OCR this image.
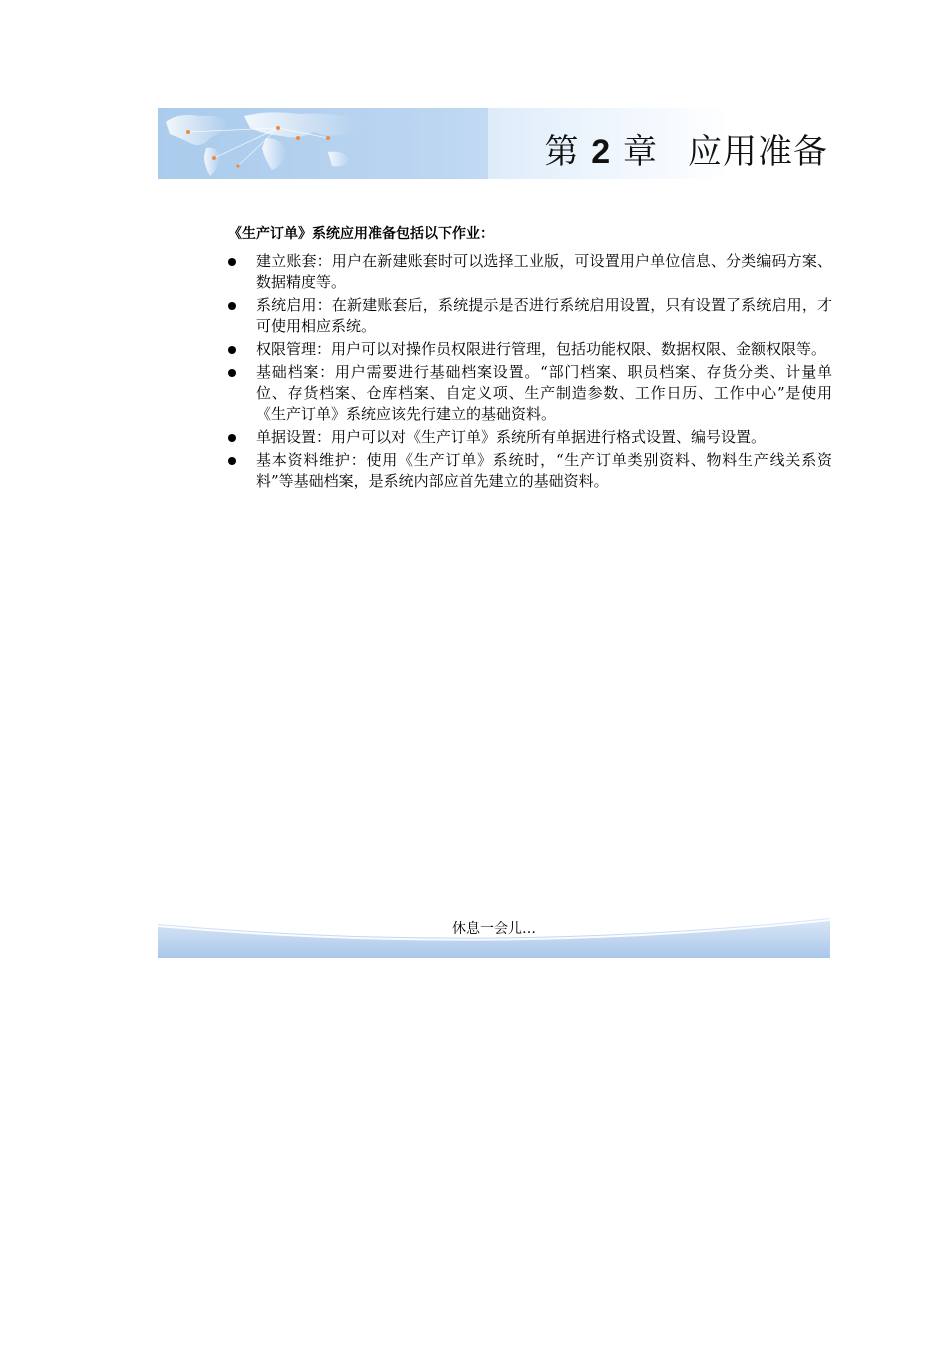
第 2 章 应用准备

《生产订单》系统应用准备包括以下作业：

建立账套：用户在新建账套时可以选择工业版，可设置用户单位信息、分类编码方案、数据精度等。
系统启用：在新建账套后，系统提示是否进行系统启用设置，只有设置了系统启用，才可使用相应系统。
权限管理：用户可以对操作员权限进行管理，包括功能权限、数据权限、金额权限等。
基础档案：用户需要进行基础档案设置。“部门档案、职员档案、存货分类、计量单位、存货档案、仓库档案、自定义项、生产制造参数、工作日历、工作中心”是使用《生产订单》系统应该先行建立的基础资料。
单据设置：用户可以对《生产订单》系统所有单据进行格式设置、编号设置。
基本资料维护：使用《生产订单》系统时，“生产订单类别资料、物料生产线关系资料”等基础档案，是系统内部应首先建立的基础资料。
休息一会儿…
